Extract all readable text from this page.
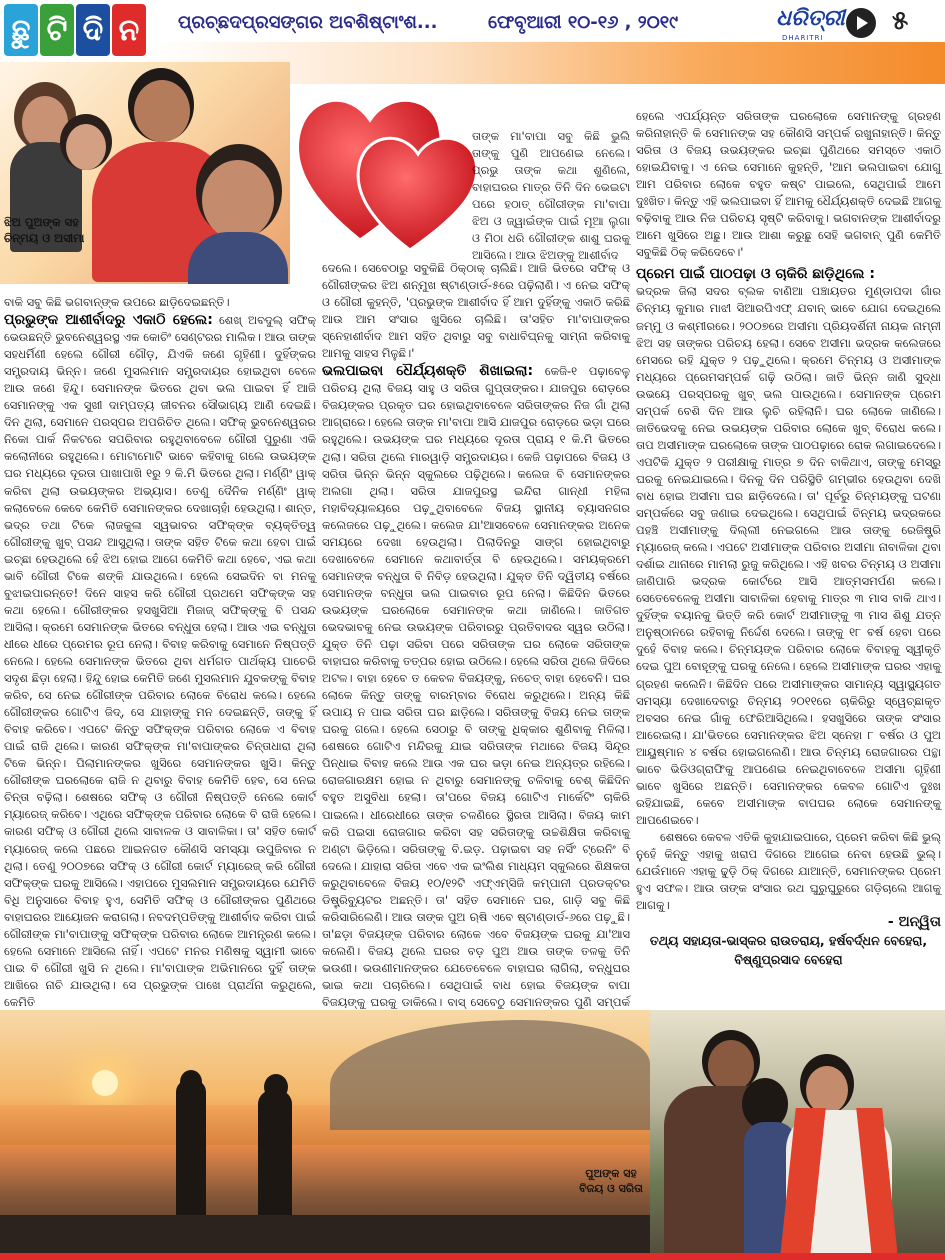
ଛୁ ଟି ଦି ନ	ପ୍ରଚ୍ଛଦପ୍ରସଙ୍ଗର ଅବଶିଷ୍ଟାଂଶ...	ଫେବୃଆରୀ ୧୦-୧୬ , ୨୦୧୯	ଧରିତ୍ରୀ
DHARITRI
୫
ଝିଅ ପୁଅଙ୍କ ସହ ଚିନ୍ମୟ ଓ ଅସୀମା

ତାଙ୍କ ମା'ବାପା ସବୁ କିଛି ଭୁଲି ତାଙ୍କୁ ପୁଣି ଆପଣେଇ ନେଲେ। ପ୍ରଭୁ ତାଙ୍କ କଥା ଶୁଣିଲେ, ବାହାଘରର ମାତ୍ର ତିନି ଦିନ ଭେଇଟା ପରେ ହଠାତ୍ ଗୌରୀଙ୍କ ମା'ବାପା ଝିଅ ଓ ଜ୍ୱାଇଁଙ୍କ ପାଇଁ ମୂଆ ଲୁଗା ଓ ମିଠା ଧରି ଗୌରୀଙ୍କ ଶାଶୁ ଘରକୁ ଆସିଲେ। ଆଉ ଝିଅଙ୍କୁ ଆଶୀର୍ବାଦ

ବାକି ସବୁ କିଛି ଭଗବାନ୍‌ଙ୍କ ଉପରେ ଛାଡ଼ିଦେଇଛନ୍ତି।

ପ୍ରଭୁଙ୍କ ଆଶୀର୍ବାଦରୁ ଏକାଠି ହେଲେ: ଶେଖ୍ ଅବଦୁଲ୍ ସଫିକ୍ ଭେଉଛନ୍ତି ଭୁବନେଶ୍ୱରସ୍ଥ ଏକ କୋଚିଂ ସେଣ୍ଟରର ମାଲିକ। ଆଉ ତାଙ୍କ ସହଧର୍ମିଣୀ ହେଲେ ଗୌରୀ ଗୌଡ଼, ଯିଏକି ଜଣେ ଗୃହିଣୀ। ଦୁହିଁଙ୍କର ସମ୍ପ୍ରଦାୟ ଭିନ୍ନ। ଜଣେ ମୁସଲମାନ ସମ୍ପ୍ରଦାୟର ହୋଇଥିବା ବେଳେ ଆଉ ଜଣେ ହିନ୍ଦୁ। ସେମାନଙ୍କ ଭିତରେ ଥିବା ଭଲ ପାଇବା ହିଁ ଆଜି ସେମାନଙ୍କୁ ଏକ ସୁଖୀ ଦାମ୍ପତ୍ୟ ଜୀବନର ସୌଭାଗ୍ୟ ଆଣି ଦେଇଛି। ଦିନ ଥିଲା, ସେମାନେ ପରସ୍ପର ଅପରିଚିତ ଥିଲେ। ସଫିକ୍ ଭୁବନେଶ୍ୱରର ନିକୋ ପାର୍କ ନିକଟରେ ସପରିବାର ରହୁଥିବାବେଳେ ଗୌରୀ ପୁରୁଣା ଏକି କଲୋନୀରେ ରହୁଥିଲେ। ମୋଟାମୋଟି ଭାବେ କହିବାକୁ ଗଲେ ଉଭୟଙ୍କ ଘର ମଧ୍ୟରେ ଦୂରତା ପାଖାପାଖି ୧ରୁ ୨ କି.ମି ଭିତରେ ଥିଲା। ମର୍ଣ୍ଣିଂ ୱାକ୍ କରିବା ଥିଲା ଉଭୟଙ୍କର ଅଭ୍ୟାସ। ତେଣୁ ଦୈନିକ ମର୍ଣ୍ଣିଂ ୱାକ୍ କଲାବେଳେ କେବେ କେମିତି ସେମାନଙ୍କର ଦେଖାଚାହାଁ ହେଉଥିଲା। ଶାନ୍ତ, ଭଦ୍ର ତଥା ଟିକେ ଲାଜକୁଳା ସ୍ୱଭାବର ସଫିକ୍‌ଙ୍କ ବ୍ୟକ୍ତିତ୍ୱ ଗୌରୀଙ୍କୁ ଖୁବ୍ ପସନ୍ଦ ଆସୁଥିଲା। ତାଙ୍କ ସହିତ ଟିକେ କଥା ହେବା ପାଇଁ ଇଚ୍ଛା ହେଉଥିଲେ ହେଁ ଝିଅ ହୋଇ ଆଗେ କେମିତି କଥା ହେବେ, ଏଇ କଥା ଭାବି ଗୌରୀ ଟିକେ ଶଙ୍କି ଯାଉଥିଲେ। ହେଲେ ସେଇଦିନ ବା ମନକୁ ବୁଝାଇପାରନ୍ତେ! ଦିନେ ସାହସ କରି ଗୌରୀ ପ୍ରଥମେ ସଫିକ୍‌ଙ୍କ ସହ କଥା ହେଲେ। ଗୌରୀଙ୍କର ହସଖୁସିଆ ମିଜାଜ୍ ସଫିକ୍‌ଙ୍କୁ ବି ପସନ୍ଦ ଆସିଲା। କ୍ରମେ ସେମାନଙ୍କ ଭିତରେ ବନ୍ଧୁତା ହେଲା। ଆଉ ଏଇ ବନ୍ଧୁତା ଧୀରେ ଧୀରେ ପ୍ରେମର ରୂପ ନେଲା। ବିବାହ କରିବାକୁ ସେମାନେ ନିଷ୍ପତ୍ତି ନେଲେ। ହେଲେ ସେମାନଙ୍କ ଭିତରେ ଥିବା ଧର୍ମଗତ ପାର୍ଥକ୍ୟ ପାଚେରି ସଦୃଶ ଛିଡ଼ା ହେଲା। ହିନ୍ଦୁ ହୋଇ କେମିତି ଜଣେ ମୁସଲମାନ ଯୁବକଙ୍କୁ ବିବାହ କରିବ, ସେ ନେଇ ଗୌରୀଙ୍କ ପରିବାର ଲୋକେ ବିରୋଧ କଲେ। ହେଲେ ଗୌରୀଙ୍କର ଗୋଟିଏ ଜିଦ୍, ସେ ଯାହାଙ୍କୁ ମନ ଦେଇଛନ୍ତି, ତାଙ୍କୁ ହିଁ ବିବାହ କରିବେ। ଏପଟେ କିନ୍ତୁ ସଫିକ୍‌ଙ୍କ ପରିବାର ଲୋକେ ଏ ବିବାହ ପାଇଁ ରାଜି ଥିଲେ। କାରଣ ସଫିକ୍‌ଙ୍କ ମା'ବାପାଙ୍କର ଚିନ୍ତାଧାରା ଥିଲା ଟିକେ ଭିନ୍ନ। ପିଲାମାନଙ୍କର ଖୁସିରେ ସେମାନଙ୍କର ଖୁସି। କିନ୍ତୁ ଗୌରୀଙ୍କ ଘରଲୋକେ ରାଜି ନ ଥିବାରୁ ବିବାହ କେମିତି ହେବ, ସେ ନେଇ ଚିନ୍ତା ବଢ଼ିଲା। ଶେଷରେ ସଫିକ୍ ଓ ଗୌରୀ ନିଷ୍ପତ୍ତି ନେଲେ କୋର୍ଟ ମ୍ୟାରେଜ୍ କରିବେ। ଏଥିରେ ସଫିକ୍‌ଙ୍କ ପରିବାର ଲୋକେ ବି ରାଜି ହେଲେ। କାରଣ ସଫିକ୍ ଓ ଗୌରୀ ଥିଲେ ସାବାଳକ ଓ ସାବାଳିକା। ତା' ସହିତ କୋର୍ଟ ମ୍ୟାରେଜ୍ କଲେ ପଛରେ ଆଇନଗତ କୌଣସି ସମସ୍ୟା ଉପୁଜିବାର ନ ଥିଲା। ତେଣୁ ୨୦୦୭ରେ ସଫିକ୍ ଓ ଗୌରୀ କୋର୍ଟ ମ୍ୟାରେଜ୍ କରି ଗୌରୀ ସଫିକ୍‌ଙ୍କ ଘରକୁ ଆସିଲେ। ଏହାପରେ ମୁସଲମାନ ସମ୍ପ୍ରଦାୟରେ ଯେମିତି ବିଧି ଅନୁସାରେ ବିବାହ ହୁଏ, ସେମିତି ସଫିକ୍ ଓ ଗୌରୀଙ୍କର ପୁଣିଥରେ ବାହାଘରର ଆୟୋଜନ କରାଗଲା। ନବଦମ୍ପତିଙ୍କୁ ଆଶୀର୍ବାଦ କରିବା ପାଇଁ ଗୌରୀଙ୍କ ମା'ବାପାଙ୍କୁ ସଫିକ୍‌ଙ୍କ ପରିବାର ଲୋକେ ଆମନ୍ତ୍ରଣ କଲେ। ହେଲେ ସେମାନେ ଆସିଲେ ନାହିଁ। ଏପଟେ ମନର ମଣିଷକୁ ସ୍ୱାମୀ ଭାବେ ପାଇ ବି ଗୌରୀ ଖୁସି ନ ଥିଲେ। ମା'ବାପାଙ୍କ ଅଭିମାନରେ ଦୁହିଁ ତାଙ୍କ ଆଖିରେ ନାଚି ଯାଉଥିଲା। ସେ ପ୍ରଭୁଙ୍କ ପାଖେ ପ୍ରାର୍ଥନା କରୁଥିଲେ, କେମିତି

ଦେଲେ। ସେବେଠାରୁ ସବୁକିଛି ଠିକ୍‌ଠାକ୍ ଚାଲିଛି। ଆଜି ଭିତରେ ସଫିକ୍ ଓ ଗୌରୀଙ୍କର ଝିଅ ଶନ୍ମୁଖ ଷ୍ଟାଣ୍ଡାର୍ଡ-୫ରେ ପଢ଼ିଲାଣି। ଏ ନେଇ ସଫିକ୍ ଓ ଗୌରୀ କୁହନ୍ତି, 'ପ୍ରଭୁଙ୍କ ଆଶୀର୍ବାଦ ହିଁ ଆମ ଦୁହିଁଙ୍କୁ ଏକାଠି କରିଛି ଆଉ ଆମ ସଂସାର ଖୁସିରେ ଚାଲିଛି। ତା'ସହିତ ମା'ବାପାଙ୍କର ସ୍ନେହାଶୀର୍ବାଦ ଆମ ସହିତ ଥିବାରୁ ସବୁ ବାଧାବିଘ୍ନକୁ ସାମ୍ନା କରିବାକୁ ଆମକୁ ସାହସ ମିଳୁଛି।'

ଭଲପାଇବା ଧୈର୍ଯ୍ୟଶକ୍ତି ଶିଖାଇଲା: କେଜି-୧ ପଢ଼ାବେଳୁ ପରିଚୟ ଥିଲା ବିଜୟ ସାହୁ ଓ ସରିତା ଗୁପ୍ତାଙ୍କର। ଯାଜପୁର ରୋଡ଼ରେ ବିଜୟଙ୍କର ପ୍ରକୃତ ଘର ହୋଇଥିବାବେଳେ ସରିତାଙ୍କର ନିଜ ଗାଁ ଥିଲା ଆଗ୍ରାରେ। ହେଲେ ତାଙ୍କ ମା'ବାପା ଆସି ଯାଜପୁର ରୋଡ଼ରେ ଭଡ଼ା ଘରେ ରହୁଥିଲେ। ଉଭୟଙ୍କ ଘର ମଧ୍ୟରେ ଦୂରତା ପ୍ରାୟ ୧ କି.ମି ଭିତରେ ଥିଲା। ସରିତା ଥିଲେ ମାରୱାଡ଼ି ସମ୍ପ୍ରଦାୟର। କେଜି ପଢ଼ାପରେ ବିଜୟ ଓ ସରିତା ଭିନ୍ନ ଭିନ୍ନ ସ୍କୁଲରେ ପଢ଼ିଥିଲେ। କଲେଜ ବି ସେମାନଙ୍କର ଅଲଗା ଥିଲା। ସରିତା ଯାଜପୁରସ୍ଥ ଇନ୍ଦିରା ଗାନ୍ଧୀ ମହିଳା ମହାବିଦ୍ୟାଳୟରେ ପଢ଼ୁଥିବାବେଳେ ବିଜୟ ସ୍ଥାନୀୟ ବ୍ୟାସନଗର କଲେଜରେ ପଢ଼ୁଥିଲେ। କଲେଜ ଯା'ଆସବେଳେ ସେମାନଙ୍କର ଅନେକ ସମୟରେ ଦେଖା ହେଉଥିଲା। ପିଲାଦିନରୁ ସାଙ୍ଗ ହୋଇଥିବାରୁ ଦେଖାବେଳେ ସେମାନେ କଥାବାର୍ତ୍ତା ବି ହେଉଥିଲେ। ସମୟକ୍ରମେ ସେମାନଙ୍କ ବନ୍ଧୁତା ବି ନିବିଡ଼ ହେଉଥିଲା। ଯୁକ୍ତ ତିନି ଦ୍ୱିତୀୟ ବର୍ଷରେ ସେମାନଙ୍କ ବନ୍ଧୁତା ଭଲ ପାଇବାର ରୂପ ନେଲା। କିଛିଦିନ ଭିତରେ ଉଭୟଙ୍କ ଘରଲୋକେ ସେମାନଙ୍କ କଥା ଜାଣିଲେ। ଜାତିଗତ ଭେଦଭାବକୁ ନେଇ ଉଭୟଙ୍କ ପରିବାରରୁ ପ୍ରତିବାଦର ସ୍ୱର ଉଠିଲା। ଯୁକ୍ତ ତିନି ପଢ଼ା ସରିବା ପରେ ସରିତାଙ୍କ ଘର ଲୋକେ ସରିତାଙ୍କ ବାହାଘର କରିବାକୁ ତତ୍ପର ହୋଇ ଉଠିଲେ। ହେଲେ ସରିତା ଥିଲେ ଜିଦିରେ ଅଟଳ। ବାହା ହେବେ ତ କେବଳ ବିଜୟଙ୍କୁ, ନଚେତ୍ ବାହା ହେବେନି। ଘର ଲୋକେ କିନ୍ତୁ ତାଙ୍କୁ ବାରମ୍ବାର ବିରୋଧ କରୁଥିଲେ। ଅନ୍ୟ କିଛି ଉପାୟ ନ ପାଇ ସରିତା ଘର ଛାଡ଼ିଲେ। ସରିତାଙ୍କୁ ବିଜୟ ନେଇ ତାଙ୍କ ଘରକୁ ଗଲେ। ହେଲେ ସେଠାରୁ ବି ତାଙ୍କୁ ଧିକ୍କାର ଶୁଣିବାକୁ ମିଳିଲା। ଶେଷରେ ଗୋଟିଏ ମନ୍ଦିରକୁ ଯାଇ ସରିତାଙ୍କ ମଥାରେ ବିଜୟ ସିନ୍ଦୂର ପିନ୍ଧାଇ ବିବାହ କଲେ ଆଉ ଏକ ଘର ଭଡ଼ା ନେଇ ଅନ୍ୟତ୍ର ରହିଲେ। ରୋଜଗାରକ୍ଷମ ହୋଇ ନ ଥିବାରୁ ସେମାନଙ୍କୁ ଚଳିବାକୁ ବେଶ୍ କିଛିଦିନ ବହୁତ ଅସୁବିଧା ହେଲା। ତା'ପରେ ବିଜୟ ଗୋଟିଏ ମାର୍କେଟିଂ ଚାକିରି ପାଇଲେ। ଧୀରେଧୀରେ ତାଙ୍କ ଚଳଣିରେ ସ୍ଥିରତା ଆସିଲା। ବିଜୟ କାମ କରି ପଇସା ରୋଜଗାର କରିବା ସହ ସରିତାଙ୍କୁ ଉଚ୍ଚଶିକ୍ଷିତା କରିବାକୁ ଅଣ୍ଟା ଭିଡ଼ିଲେ। ସରିତାଙ୍କୁ ବି.ଇଡ଼. ପଢ଼ାଇବା ସହ ନର୍ସିଂ ଟ୍ରେନିଂ ବି ଦେଲେ। ଯାହାରା ସରିତା ଏବେ ଏକ ଇଂଲିଶ ମାଧ୍ୟମ ସ୍କୁଲରେ ଶିକ୍ଷକତା କରୁଥିବାବେଳେ ବିଜୟ ୧୦/୧୨ଟି ଏଫ୍‌ଏମ୍‌ସିଜି କମ୍ପାନୀ ପ୍ରଡକ୍ଟର ଡିଷ୍ଟ୍ରିବ୍ୟୁଟର ଅଛନ୍ତି। ତା' ସହିତ ସେମାନେ ଘର, ଗାଡ଼ି ସବୁ କିଛି କରିସାରିଲେଣି। ଆଉ ତାଙ୍କ ପୁଅ ଋଷି ଏବେ ଷ୍ଟାଣ୍ଡାର୍ଡ-୬ରେ ପଢ଼ୁଛି। ତା'ଛଡ଼ା ବିଜୟଙ୍କ ପରିବାର ଲୋକେ ଏବେ ବିଜୟଙ୍କ ଘରକୁ ଯା'ଆସ କଲେଣି। ବିଜୟ ଥିଲେ ଘରର ବଡ଼ ପୁଅ ଆଉ ତାଙ୍କ ତଳକୁ ତିନି ଭଉଣୀ। ଭଉଣୀମାନଙ୍କର ଯେତେବେଳେ ବାହାଘର ଲାଗିଲା, ବନ୍ଧୁଘର ଭାଇ କଥା ପଚାରିଲେ। ସେଥିପାଇଁ ବାଧ ହୋଇ ବିଜୟଙ୍କ ବାପା ବିଜୟଙ୍କୁ ଘରକୁ ଡାକିଲେ। ବାସ୍ ସେବେଠୁ ସେମାନଙ୍କର ପୁଣି ସମ୍ପର୍କ

ହେଲେ ଏପର୍ଯ୍ୟନ୍ତ ସରିତାଙ୍କ ଘରଲୋକେ ସେମାନଙ୍କୁ ଗ୍ରହଣ କରିନାହାନ୍ତି କି ସେମାନଙ୍କ ସହ କୌଣସି ସମ୍ପର୍କ ରଖୁନାହାନ୍ତି। କିନ୍ତୁ ସରିତା ଓ ବିଜୟ ଉଭୟଙ୍କର ଇଚ୍ଛା ପୁଣିଥରେ ସମସ୍ତେ ଏକାଠି ହୋଇଯିବାକୁ। ଏ ନେଇ ସେମାନେ କୁହନ୍ତି, 'ଆମ ଭଲପାଇବା ଯୋଗୁ ଆମ ପରିବାର ଲୋକେ ବହୁତ କଷ୍ଟ ପାଇଲେ, ସେଥିପାଇଁ ଆମେ ଦୁଃଖିତ। କିନ୍ତୁ ଏହି ଭଲପାଇବା ହିଁ ଆମକୁ ଧୈର୍ଯ୍ୟଶକ୍ତି ଦେଇଛି ଆଗକୁ ବଢ଼ିବାକୁ ଆଉ ନିଜ ପରିଚୟ ସୃଷ୍ଟି କରିବାକୁ। ଭଗବାନଙ୍କ ଆଶୀର୍ବାଦରୁ ଆମେ ଖୁସିରେ ଅଛୁ। ଆଉ ଆଶା କରୁଛୁ ସେହି ଭଗବାନ୍ ପୁଣି କେମିତି ସବୁକିଛି ଠିକ୍ କରିଦେବେ।'

ପ୍ରେମ ପାଇଁ ପାଠପଢ଼ା ଓ ଚାକିରି ଛାଡ଼ିଥିଲେ :

ଭଦ୍ରକ ଜିଲା ସଦର ବ୍ଲକ ବାଣିଆ ପଞ୍ଚାୟତର ମୁଣ୍ଡାପଦା ଗାଁର ଚିନ୍ମୟ କୁମାର ମାଝୀ ସିଆରପିଏଫ୍ ଯବାନ୍ ଭାବେ ଯୋଗ ଦେଇଥିଲେ ଜମ୍ମୁ ଓ କଶ୍ମୀରରେ। ୨୦୦୭ରେ ଅସୀମା ପ୍ରିୟଦର୍ଶିନୀ ନାୟକ ନାମ୍ନୀ ଝିଅ ସହ ତାଙ୍କର ପରିଚୟ ହେଲା। ସେବେ ଅସୀମା ଭଦ୍ରକ କଲେଜରେ ମେସରେ ରହି ଯୁକ୍ତ ୨ ପଢ଼ୁଥିଲେ। କ୍ରମେ ଚିନ୍ମୟ ଓ ଅସୀମାଙ୍କ ମଧ୍ୟରେ ପ୍ରେମସମ୍ପର୍କ ଗଢ଼ି ଉଠିଲା। ଜାତି ଭିନ୍ନ ଜାଣି ସୁଦ୍ଧା ଉଭୟେ ପରସ୍ପରକୁ ଖୁବ୍ ଭଲ ପାଉଥିଲେ। ସେମାନଙ୍କ ପ୍ରେମ ସମ୍ପର୍କ ବେଶି ଦିନ ଆଉ ଲୁଚି ରହିଲାନି। ଘର ଲୋକେ ଜାଣିଲେ। ଜାତିଭେଦକୁ ନେଇ ଉଭୟଙ୍କ ପରିବାର ଲୋକେ ଖୁବ୍ ବିରୋଧ କଲେ। ତାପ ଅସୀମାଙ୍କ ଘରଲୋକେ ତାଙ୍କ ପାଠପଢ଼ାରେ ରୋକ ଲଗାଇଦେଲେ। ଏପଟିକି ଯୁକ୍ତ ୨ ପରୀକ୍ଷାକୁ ମାତ୍ର ୭ ଦିନ ବାକିଥାଏ, ତାଙ୍କୁ ମେସ୍‌ରୁ ଘରକୁ ନେଇଯାଇଲେ। ଦିନକୁ ଦିନ ପରିସ୍ଥିତି ଗମ୍ଭୀର ହେଉଥିବା ଦେଖି ବାଧ ହୋଇ ଅସୀମା ଘର ଛାଡ଼ିଦେଲେ। ତା' ପୂର୍ବରୁ ଚିନ୍ମୟଙ୍କୁ ଘଟଣା ସମ୍ପର୍କରେ ସବୁ ଜଣାଇ ଦେଇଥିଲେ। ସେଥିପାଇଁ ଚିନ୍ମୟ ଭଦ୍ରକରେ ପହଞ୍ଚି ଅସୀମାଙ୍କୁ ଦିଲ୍ଲୀ ନେଇଗଲେ ଆଉ ତାଙ୍କୁ ରେଜିଷ୍ଟ୍ରି ମ୍ୟାରେଜ୍ କଲେ। ଏପଟେ ଅସୀମାଙ୍କ ପରିବାର ଅସୀମା ନାବାଳିକା ଥିବା ଦର୍ଶାଇ ଥାନାରେ ମାମଲା ରୁଜୁ କରିଥିଲେ। ଏହି ଖବର ଚିନ୍ମୟ ଓ ଅସୀମା ଜାଣିପାରି ଭଦ୍ରକ କୋର୍ଟରେ ଆସି ଆତ୍ମସମର୍ପଣ କଲେ। ସେତେବେଳେକୁ ଅସୀମା ସାବାଳିକା ହେବାକୁ ମାତ୍ର ୩ ମାସ ବାକି ଥାଏ। ଦୁହିଁଙ୍କ ବୟାନକୁ ଭିତ୍ତି କରି କୋର୍ଟ ଅସୀମାଙ୍କୁ ୩ ମାସ ଶିଶୁ ଯତ୍ନ ଅନୁଷ୍ଠାନରେ ରହିବାକୁ ନିର୍ଦ୍ଦେଶ ଦେଲେ। ତାଙ୍କୁ ୧୮ ବର୍ଷ ହେବା ପରେ ଦୁହେଁ ବିବାହ କଲେ। ଚିନ୍ମୟଙ୍କ ପରିବାର ଲୋକେ ବିବାହକୁ ସ୍ୱୀକୃତି ଦେଇ ପୁଅ ବୋହୂଙ୍କୁ ଘରକୁ ନେଲେ। ହେଲେ ଅସୀମାଙ୍କ ଘରର ଏହାକୁ ଗ୍ରହଣ କଲେନି। କିଛିଦିନ ପରେ ଅସୀମାଙ୍କର ସାମାନ୍ୟ ସ୍ୱାସ୍ଥ୍ୟଗତ ସମସ୍ୟା ଦେଖାଦେବାରୁ ଚିନ୍ମୟ ୨୦୧୧ରେ ଚାକିରିରୁ ସ୍ୱେଚ୍ଛାକୃତ ଅବସର ନେଇ ଗାଁକୁ ଫେରିଆସିଥିଲେ। ହସଖୁସିରେ ତାଙ୍କ ସଂସାର ଆରେଇଲା। ଯା'ଭିତରେ ସେମାନଙ୍କର ଝିଅ ସ୍ନେହା ୮ ବର୍ଷର ଓ ପୁଅ ଆୟୁଷ୍ମାନ ୪ ବର୍ଷର ହୋଇଗଲେଣି। ଆଉ ଚିନ୍ମୟ ରୋଜଗାରର ପନ୍ଥା ଭାବେ ଭିଡିଓଗ୍ରାଫିକୁ ଆପଣେଇ ନେଇଥିବାବେଳେ ଅସୀମା ଗୃହିଣୀ ଭାବେ ଖୁସିରେ ଅଛନ୍ତି। ସେମାନଙ୍କର କେବଳ ଗୋଟିଏ ଦୁଃଖ ରହିଯାଇଛି, କେବେ ଅସୀମାଙ୍କ ବାପଘର ଲୋକେ ସେମାନଙ୍କୁ ଆପଣେଇବେ।

ଶେଷରେ କେବଳ ଏତିକି କୁହାଯାଇପାରେ, ପ୍ରେମ କରିବା କିଛି ଭୁଲ୍ ନୁହେଁ କିନ୍ତୁ ଏହାକୁ ଖରାପ ଦିଗରେ ଆଗେଇ ନେବା ହେଉଛି ଭୁଲ୍। ଯେଉଁମାନେ ଏହାକୁ ଢୁଡ଼ି ଠିକ୍ ଦିଗରେ ଯାଆନ୍ତି, ସେମାନଙ୍କର ପ୍ରେମ ହୁଏ ସଫଳ। ଆଉ ତାଙ୍କ ସଂସାର ରଥ ଘୁରୁଘୁରୁରେ ଗଡ଼ିଚାଲେ ଆଗକୁ ଆଗକୁ।

- ଅନ୍ୱିତା

ତଥ୍ୟ ସହାୟତା-ଭାସ୍କର ରାଉତରାୟ, ହର୍ଷବର୍ଦ୍ଧନ ବେହେରା, ବିଷ୍ଣୁପ୍ରସାଦ ବେହେରା

ପୁଅଙ୍କ ସହ ବିଜୟ ଓ ସରିତା
